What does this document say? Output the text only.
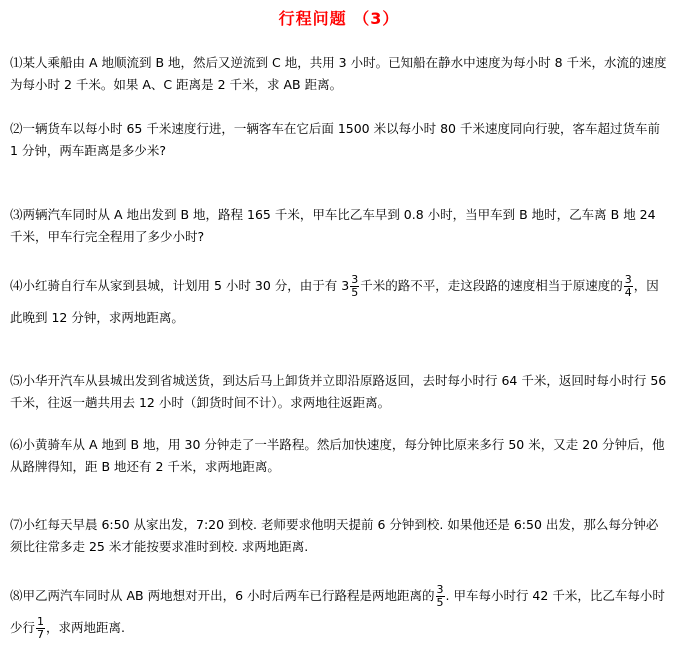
行程问题 （3）
⑴某人乘船由 A 地顺流到 B 地，然后又逆流到 C 地，共用 3 小时。已知船在静水中速度为每小时 8 千米，水流的速度为每小时 2 千米。如果 A、C 距离是 2 千米，求 AB 距离。
⑵一辆货车以每小时 65 千米速度行进，一辆客车在它后面 1500 米以每小时 80 千米速度同向行驶，客车超过货车前 1 分钟，两车距离是多少米?
⑶两辆汽车同时从 A 地出发到 B 地，路程 165 千米，甲车比乙车早到 0.8 小时，当甲车到 B 地时，乙车离 B 地 24 千米，甲车行完全程用了多少小时?
⑷小红骑自行车从家到县城，计划用 5 小时 30 分，由于有 $3 \frac{3}{5}$ 千米的路不平，走这段路的速度相当于原速度的 $\frac{3}{4}$ ，因此晚到 12 分钟，求两地距离。
⑸小华开汽车从县城出发到省城送货，到达后马上卸货并立即沿原路返回，去时每小时行 64 千米，返回时每小时行 56 千米，往返一趟共用去 12 小时（卸货时间不计）。求两地往返距离。
⑹小黄骑车从 A 地到 B 地，用 30 分钟走了一半路程。然后加快速度，每分钟比原来多行 50 米，又走 20 分钟后，他从路牌得知，距 B 地还有 2 千米，求两地距离。
⑺小红每天早晨 6:50 从家出发，7:20 到校. 老师要求他明天提前 6 分钟到校. 如果他还是 6:50 出发，那么每分钟必须比往常多走 25 米才能按要求准时到校. 求两地距离.
⑻甲乙两汽车同时从 AB 两地想对开出，6 小时后两车已行路程是两地距离的 $\frac{3}{5}$ . 甲车每小时行 42 千米，比乙车每小时少行 $\frac{1}{7}$ ，求两地距离.
